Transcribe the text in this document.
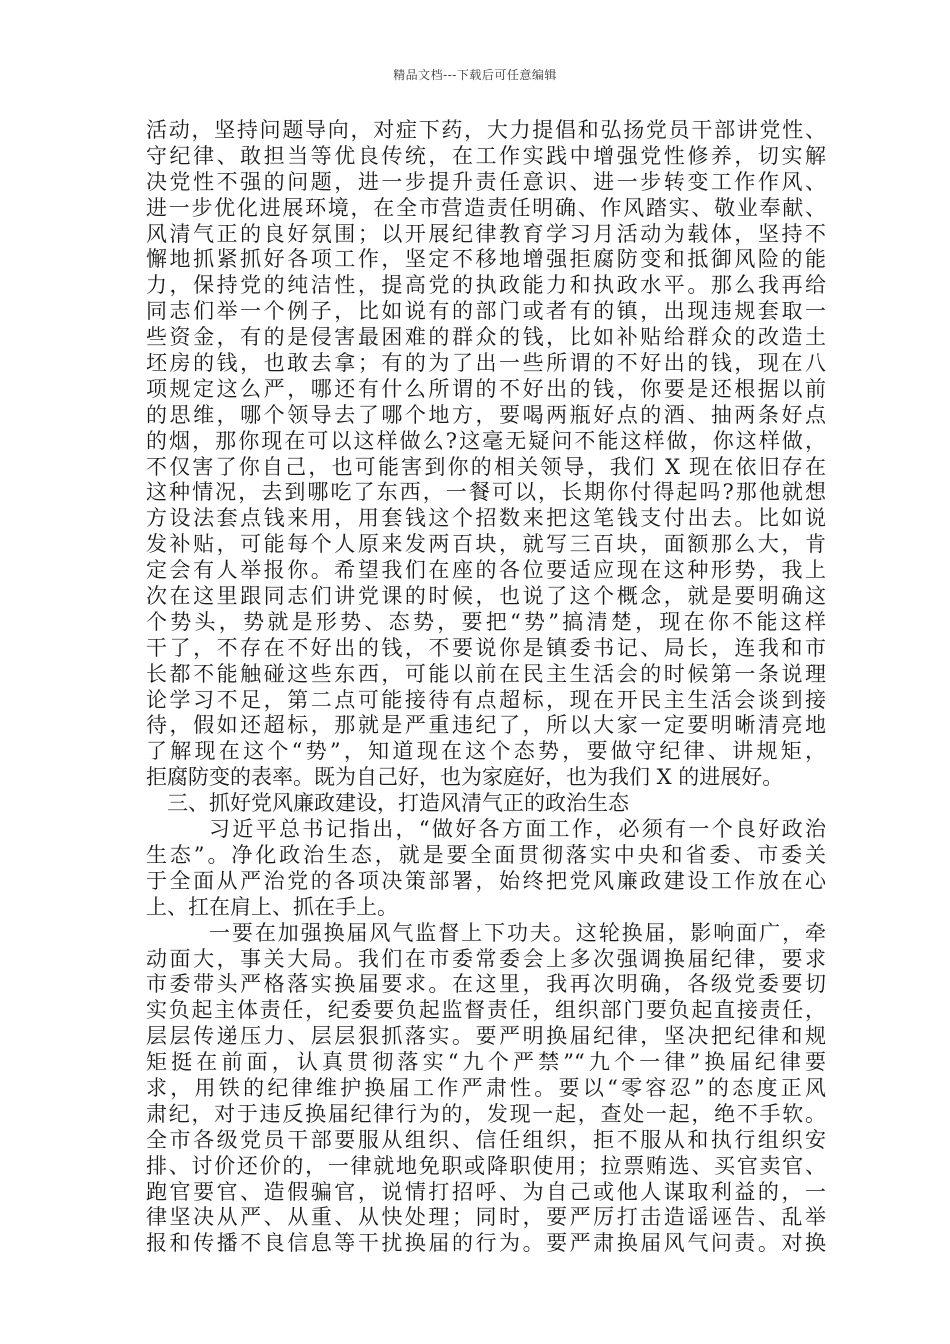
精品文档---下载后可任意编辑
活动，坚持问题导向，对症下药，大力提倡和弘扬党员干部讲党性、
守纪律、敢担当等优良传统，在工作实践中增强党性修养，切实解
决党性不强的问题，进一步提升责任意识、进一步转变工作作风、
进一步优化进展环境，在全市营造责任明确、作风踏实、敬业奉献、
风清气正的良好氛围；以开展纪律教育学习月活动为载体，坚持不
懈地抓紧抓好各项工作，坚定不移地增强拒腐防变和抵御风险的能
力，保持党的纯洁性，提高党的执政能力和执政水平。那么我再给
同志们举一个例子，比如说有的部门或者有的镇，出现违规套取一
些资金，有的是侵害最困难的群众的钱，比如补贴给群众的改造土
坯房的钱，也敢去拿；有的为了出一些所谓的不好出的钱，现在八
项规定这么严，哪还有什么所谓的不好出的钱，你要是还根据以前
的思维，哪个领导去了哪个地方，要喝两瓶好点的酒、抽两条好点
的烟，那你现在可以这样做么?这毫无疑问不能这样做，你这样做，
不仅害了你自己，也可能害到你的相关领导，我们 X 现在依旧存在
这种情况，去到哪吃了东西，一餐可以，长期你付得起吗?那他就想
方设法套点钱来用，用套钱这个招数来把这笔钱支付出去。比如说
发补贴，可能每个人原来发两百块，就写三百块，面额那么大，肯
定会有人举报你。希望我们在座的各位要适应现在这种形势，我上
次在这里跟同志们讲党课的时候，也说了这个概念，就是要明确这
个势头，势就是形势、态势，要把“势”搞清楚，现在你不能这样
干了，不存在不好出的钱，不要说你是镇委书记、局长，连我和市
长都不能触碰这些东西，可能以前在民主生活会的时候第一条说理
论学习不足，第二点可能接待有点超标，现在开民主生活会谈到接
待，假如还超标，那就是严重违纪了，所以大家一定要明晰清亮地
了解现在这个“势”，知道现在这个态势，要做守纪律、讲规矩，
拒腐防变的表率。既为自己好，也为家庭好，也为我们 X 的进展好。
三、抓好党风廉政建设，打造风清气正的政治生态
习近平总书记指出，“做好各方面工作，必须有一个良好政治
生态”。净化政治生态，就是要全面贯彻落实中央和省委、市委关
于全面从严治党的各项决策部署，始终把党风廉政建设工作放在心
上、扛在肩上、抓在手上。
一要在加强换届风气监督上下功夫。这轮换届，影响面广，牵
动面大，事关大局。我们在市委常委会上多次强调换届纪律，要求
市委带头严格落实换届要求。在这里，我再次明确，各级党委要切
实负起主体责任，纪委要负起监督责任，组织部门要负起直接责任，
层层传递压力、层层狠抓落实。要严明换届纪律，坚决把纪律和规
矩挺在前面，认真贯彻落实“九个严禁”“九个一律”换届纪律要
求，用铁的纪律维护换届工作严肃性。要以“零容忍”的态度正风
肃纪，对于违反换届纪律行为的，发现一起，查处一起，绝不手软。
全市各级党员干部要服从组织、信任组织，拒不服从和执行组织安
排、讨价还价的，一律就地免职或降职使用；拉票贿选、买官卖官、
跑官要官、造假骗官，说情打招呼、为自己或他人谋取利益的，一
律坚决从严、从重、从快处理；同时，要严厉打击造谣诬告、乱举
报和传播不良信息等干扰换届的行为。要严肃换届风气问责。对换
